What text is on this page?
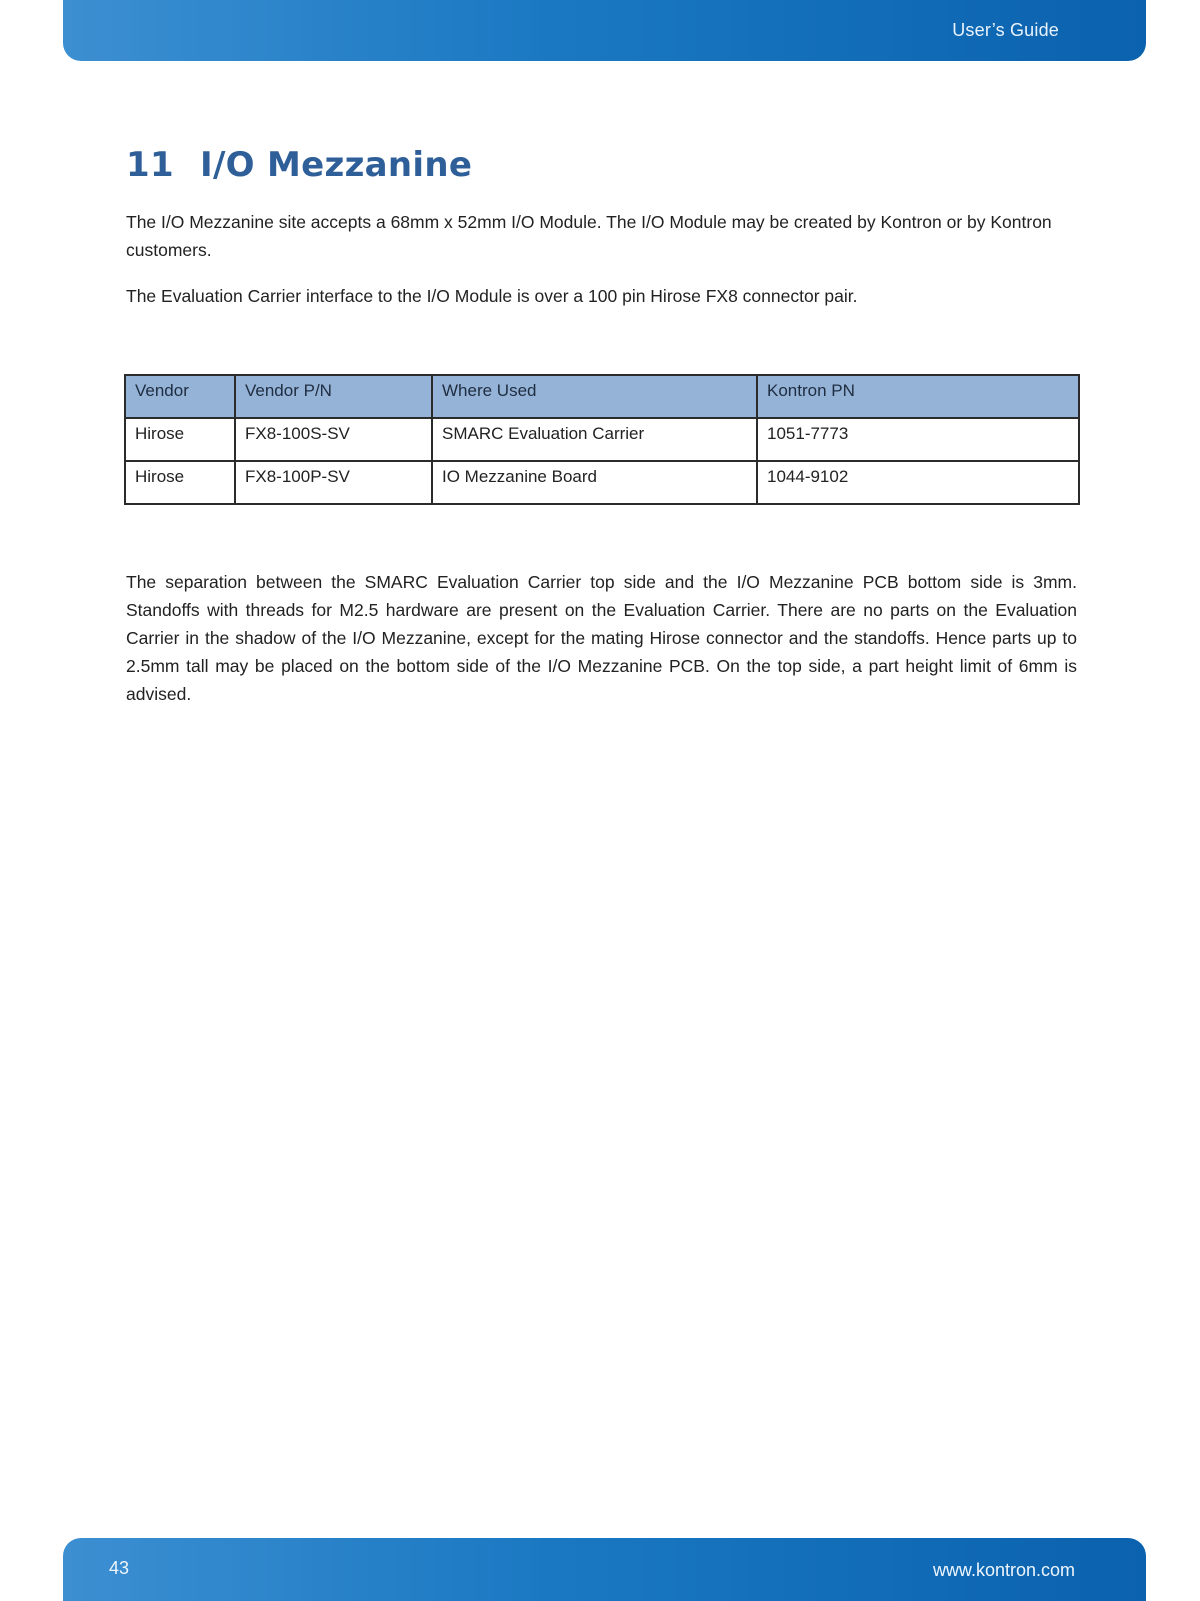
User’s Guide
11 I/O Mezzanine

The I/O Mezzanine site accepts a 68mm x 52mm I/O Module. The I/O Module may be created by Kontron or by Kontron customers.

The Evaluation Carrier interface to the I/O Module is over a 100 pin Hirose FX8 connector pair.

Vendor	Vendor P/N	Where Used	Kontron PN
Hirose	FX8-100S-SV	SMARC Evaluation Carrier	1051-7773
Hirose	FX8-100P-SV	IO Mezzanine Board	1044-9102

The separation between the SMARC Evaluation Carrier top side and the I/O Mezzanine PCB bottom side is 3mm. Standoffs with threads for M2.5 hardware are present on the Evaluation Carrier. There are no parts on the Evaluation Carrier in the shadow of the I/O Mezzanine, except for the mating Hirose connector and the standoffs. Hence parts up to 2.5mm tall may be placed on the bottom side of the I/O Mezzanine PCB. On the top side, a part height limit of 6mm is advised.

43	www.kontron.com
